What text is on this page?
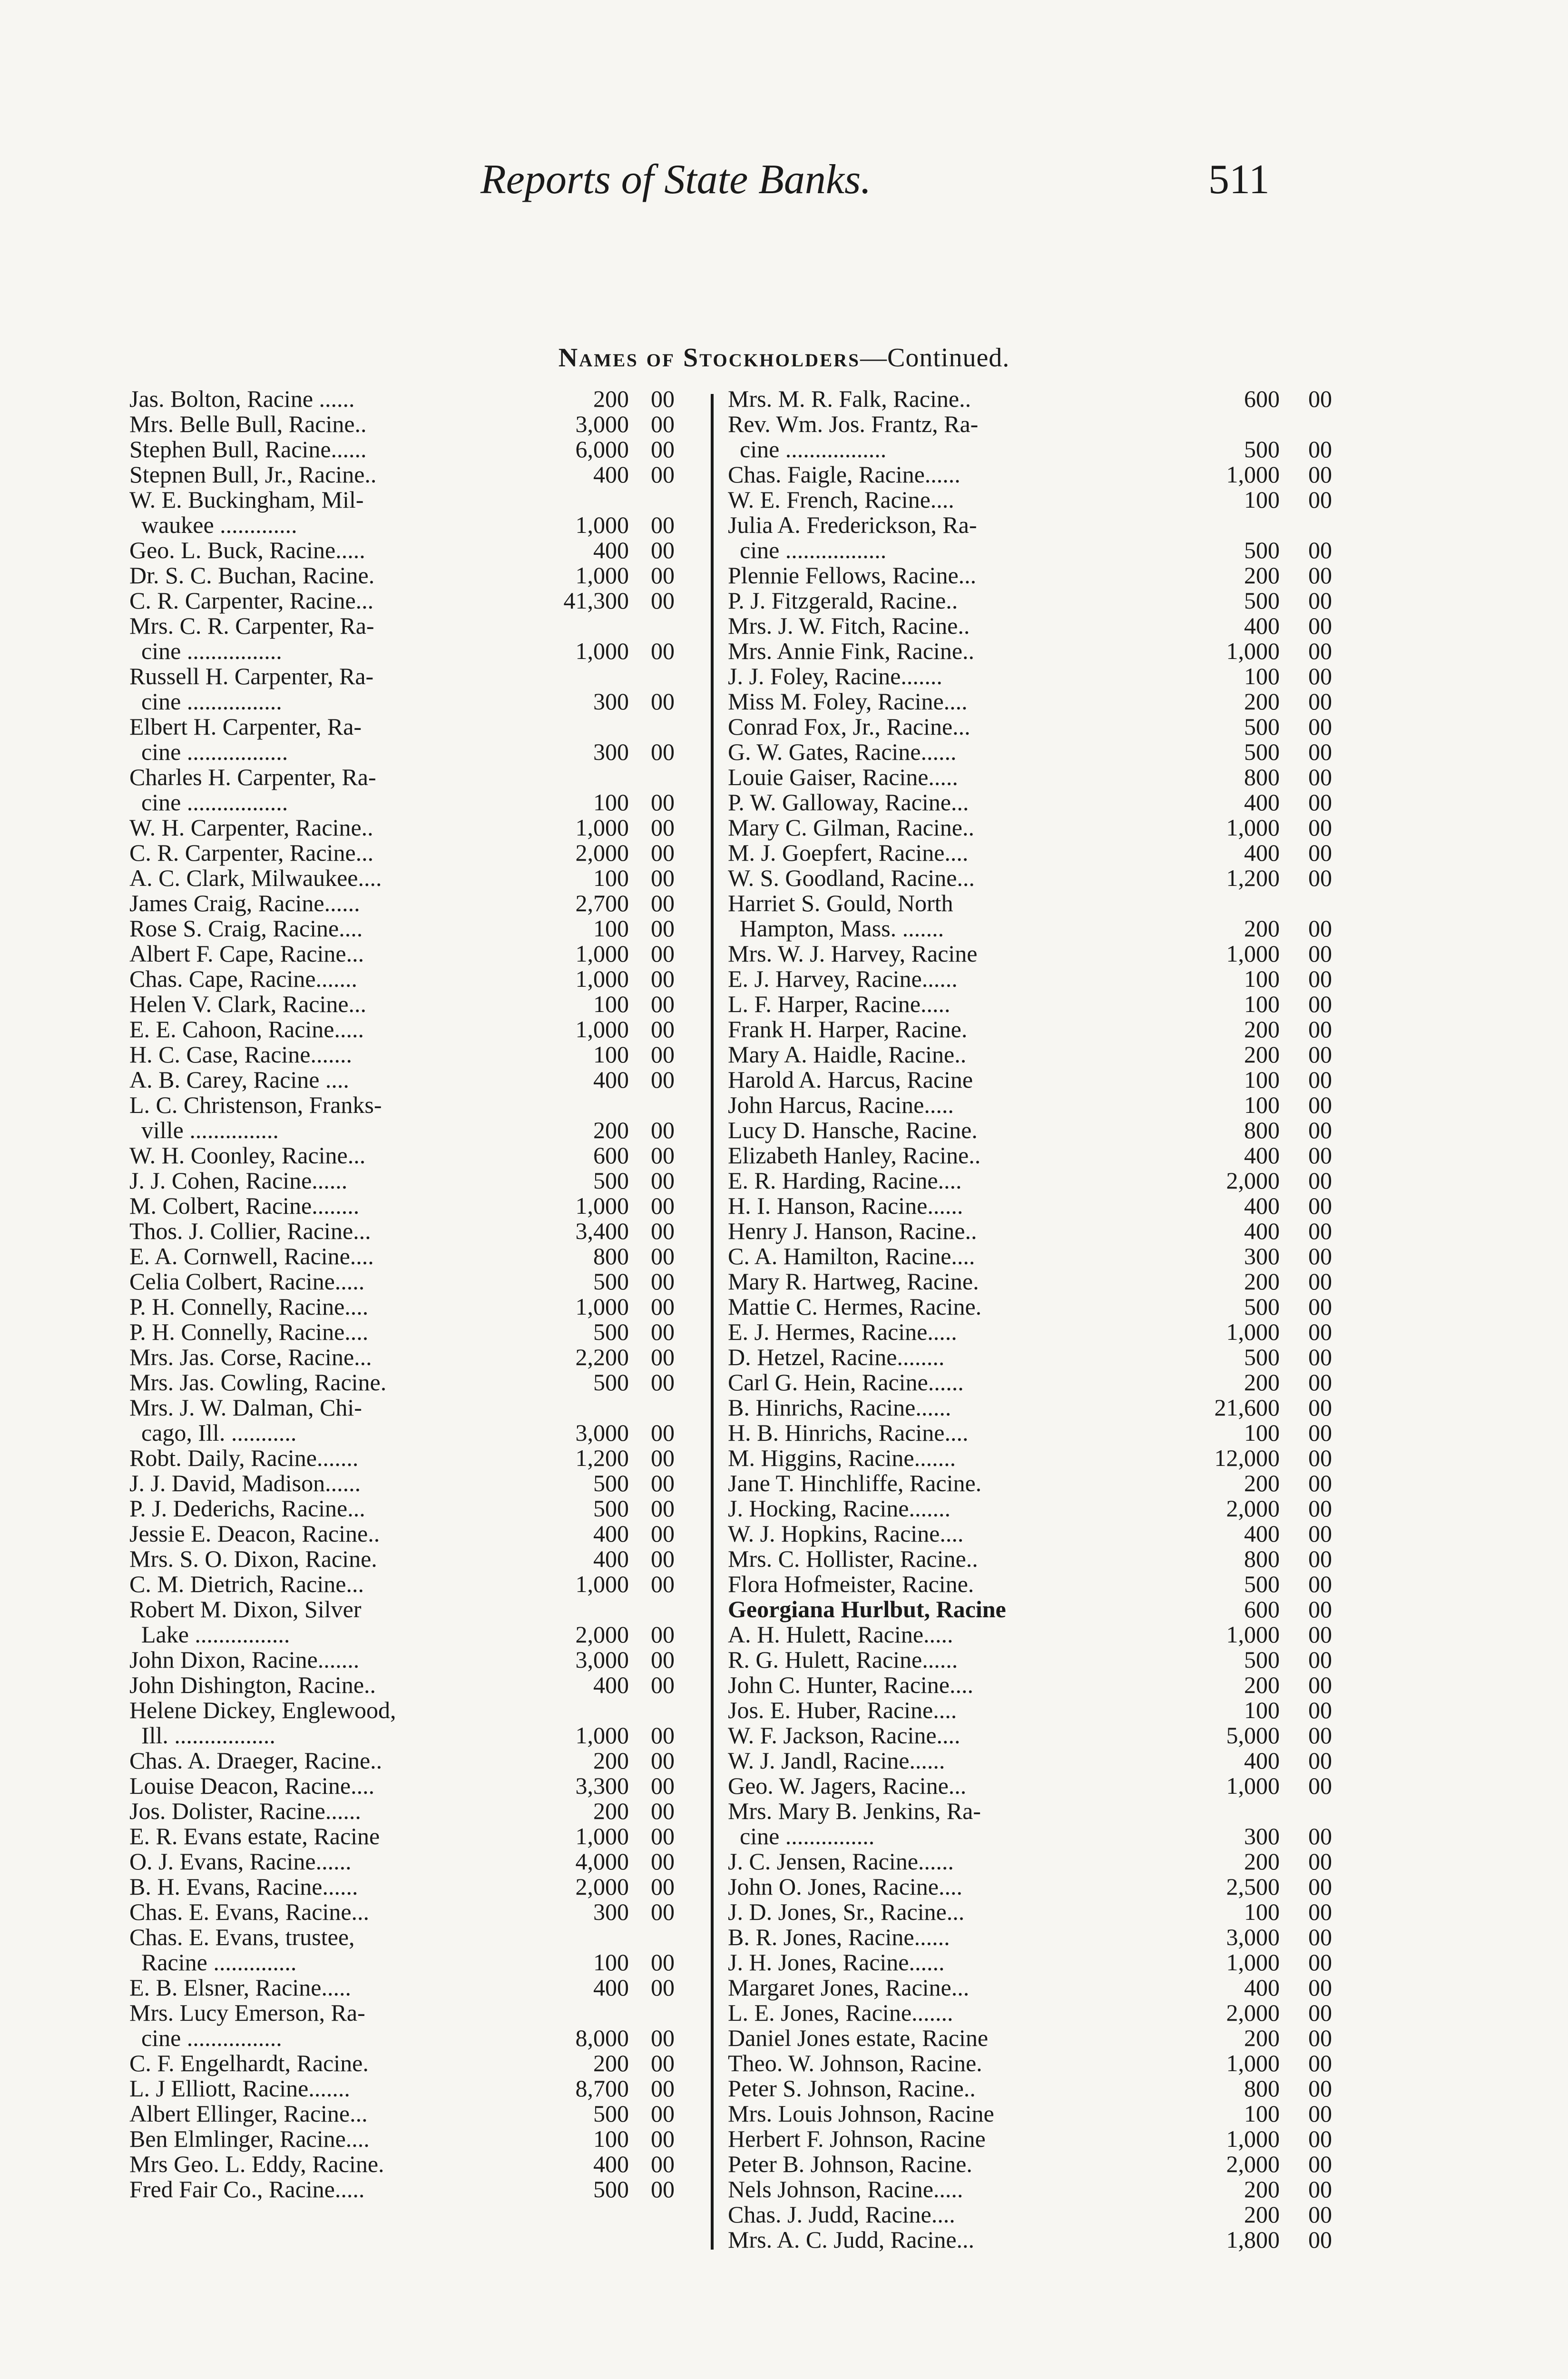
Reports of State Banks.	511
Names of Stockholders—Continued.
Jas. Bolton, Racine ......	200 00
Mrs. Belle Bull, Racine..	3,000 00
Stephen Bull, Racine......	6,000 00
Stepnen Bull, Jr., Racine..	400 00
W. E. Buckingham, Mil-
waukee .............	1,000 00
Geo. L. Buck, Racine.....	400 00
Dr. S. C. Buchan, Racine.	1,000 00
C. R. Carpenter, Racine...	41,300 00
Mrs. C. R. Carpenter, Ra-
cine ................	1,000 00
Russell H. Carpenter, Ra-
cine ................	300 00
Elbert H. Carpenter, Ra-
cine .................	300 00
Charles H. Carpenter, Ra-
cine .................	100 00
W. H. Carpenter, Racine..	1,000 00
C. R. Carpenter, Racine...	2,000 00
A. C. Clark, Milwaukee....	100 00
James Craig, Racine......	2,700 00
Rose S. Craig, Racine....	100 00
Albert F. Cape, Racine...	1,000 00
Chas. Cape, Racine.......	1,000 00
Helen V. Clark, Racine...	100 00
E. E. Cahoon, Racine.....	1,000 00
H. C. Case, Racine.......	100 00
A. B. Carey, Racine ....	400 00
L. C. Christenson, Franks-
ville ...............	200 00
W. H. Coonley, Racine...	600 00
J. J. Cohen, Racine......	500 00
M. Colbert, Racine........	1,000 00
Thos. J. Collier, Racine...	3,400 00
E. A. Cornwell, Racine....	800 00
Celia Colbert, Racine.....	500 00
P. H. Connelly, Racine....	1,000 00
P. H. Connelly, Racine....	500 00
Mrs. Jas. Corse, Racine...	2,200 00
Mrs. Jas. Cowling, Racine.	500 00
Mrs. J. W. Dalman, Chi-
cago, Ill. ...........	3,000 00
Robt. Daily, Racine.......	1,200 00
J. J. David, Madison......	500 00
P. J. Dederichs, Racine...	500 00
Jessie E. Deacon, Racine..	400 00
Mrs. S. O. Dixon, Racine.	400 00
C. M. Dietrich, Racine...	1,000 00
Robert M. Dixon, Silver
Lake ................	2,000 00
John Dixon, Racine.......	3,000 00
John Dishington, Racine..	400 00
Helene Dickey, Englewood,
Ill. .................	1,000 00
Chas. A. Draeger, Racine..	200 00
Louise Deacon, Racine....	3,300 00
Jos. Dolister, Racine......	200 00
E. R. Evans estate, Racine	1,000 00
O. J. Evans, Racine......	4,000 00
B. H. Evans, Racine......	2,000 00
Chas. E. Evans, Racine...	300 00
Chas. E. Evans, trustee,
Racine ..............	100 00
E. B. Elsner, Racine.....	400 00
Mrs. Lucy Emerson, Ra-
cine ................	8,000 00
C. F. Engelhardt, Racine.	200 00
L. J Elliott, Racine.......	8,700 00
Albert Ellinger, Racine...	500 00
Ben Elmlinger, Racine....	100 00
Mrs Geo. L. Eddy, Racine.	400 00
Fred Fair Co., Racine.....	500 00
Mrs. M. R. Falk, Racine..	600	00
Rev. Wm. Jos. Frantz, Ra-
cine .................	500	00
Chas. Faigle, Racine......	1,000	00
W. E. French, Racine....	100	00
Julia A. Frederickson, Ra-
cine .................	500	00
Plennie Fellows, Racine...	200	00
P. J. Fitzgerald, Racine..	500	00
Mrs. J. W. Fitch, Racine..	400	00
Mrs. Annie Fink, Racine..	1,000	00
J. J. Foley, Racine.......	100	00
Miss M. Foley, Racine....	200	00
Conrad Fox, Jr., Racine...	500	00
G. W. Gates, Racine......	500	00
Louie Gaiser, Racine.....	800	00
P. W. Galloway, Racine...	400	00
Mary C. Gilman, Racine..	1,000	00
M. J. Goepfert, Racine....	400	00
W. S. Goodland, Racine...	1,200	00
Harriet S. Gould, North
Hampton, Mass. .......	200	00
Mrs. W. J. Harvey, Racine	1,000	00
E. J. Harvey, Racine......	100	00
L. F. Harper, Racine.....	100	00
Frank H. Harper, Racine.	200	00
Mary A. Haidle, Racine..	200	00
Harold A. Harcus, Racine	100	00
John Harcus, Racine.....	100	00
Lucy D. Hansche, Racine.	800	00
Elizabeth Hanley, Racine..	400	00
E. R. Harding, Racine....	2,000	00
H. I. Hanson, Racine......	400	00
Henry J. Hanson, Racine..	400	00
C. A. Hamilton, Racine....	300	00
Mary R. Hartweg, Racine.	200	00
Mattie C. Hermes, Racine.	500	00
E. J. Hermes, Racine.....	1,000	00
D. Hetzel, Racine........	500	00
Carl G. Hein, Racine......	200	00
B. Hinrichs, Racine......	21,600	00
H. B. Hinrichs, Racine....	100	00
M. Higgins, Racine.......	12,000	00
Jane T. Hinchliffe, Racine.	200	00
J. Hocking, Racine.......	2,000	00
W. J. Hopkins, Racine....	400	00
Mrs. C. Hollister, Racine..	800	00
Flora Hofmeister, Racine.	500	00
Georgiana Hurlbut, Racine	600	00
A. H. Hulett, Racine.....	1,000	00
R. G. Hulett, Racine......	500	00
John C. Hunter, Racine....	200	00
Jos. E. Huber, Racine....	100	00
W. F. Jackson, Racine....	5,000	00
W. J. Jandl, Racine......	400	00
Geo. W. Jagers, Racine...	1,000	00
Mrs. Mary B. Jenkins, Ra-
cine ...............	300	00
J. C. Jensen, Racine......	200	00
John O. Jones, Racine....	2,500	00
J. D. Jones, Sr., Racine...	100	00
B. R. Jones, Racine......	3,000	00
J. H. Jones, Racine......	1,000	00
Margaret Jones, Racine...	400	00
L. E. Jones, Racine.......	2,000	00
Daniel Jones estate, Racine	200	00
Theo. W. Johnson, Racine.	1,000	00
Peter S. Johnson, Racine..	800	00
Mrs. Louis Johnson, Racine	100	00
Herbert F. Johnson, Racine	1,000	00
Peter B. Johnson, Racine.	2,000	00
Nels Johnson, Racine.....	200	00
Chas. J. Judd, Racine....	200	00
Mrs. A. C. Judd, Racine...	1,800	00
